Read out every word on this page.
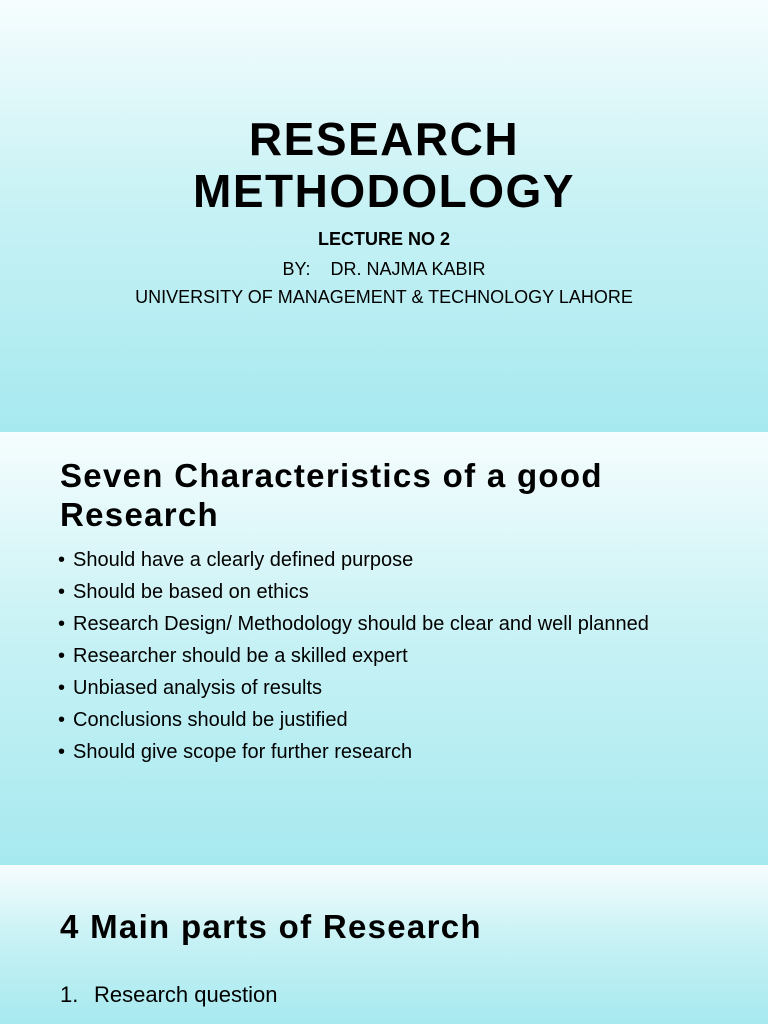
RESEARCH
METHODOLOGY
LECTURE NO 2
BY:    DR. NAJMA KABIR
UNIVERSITY OF MANAGEMENT & TECHNOLOGY LAHORE
Seven Characteristics of a good
Research
• Should have a clearly defined purpose
• Should be based on ethics
• Research Design/ Methodology should be clear and well planned
• Researcher should be a skilled expert
• Unbiased analysis of results
• Conclusions should be justified
• Should give scope for further research
4 Main parts of Research
1. Research question
